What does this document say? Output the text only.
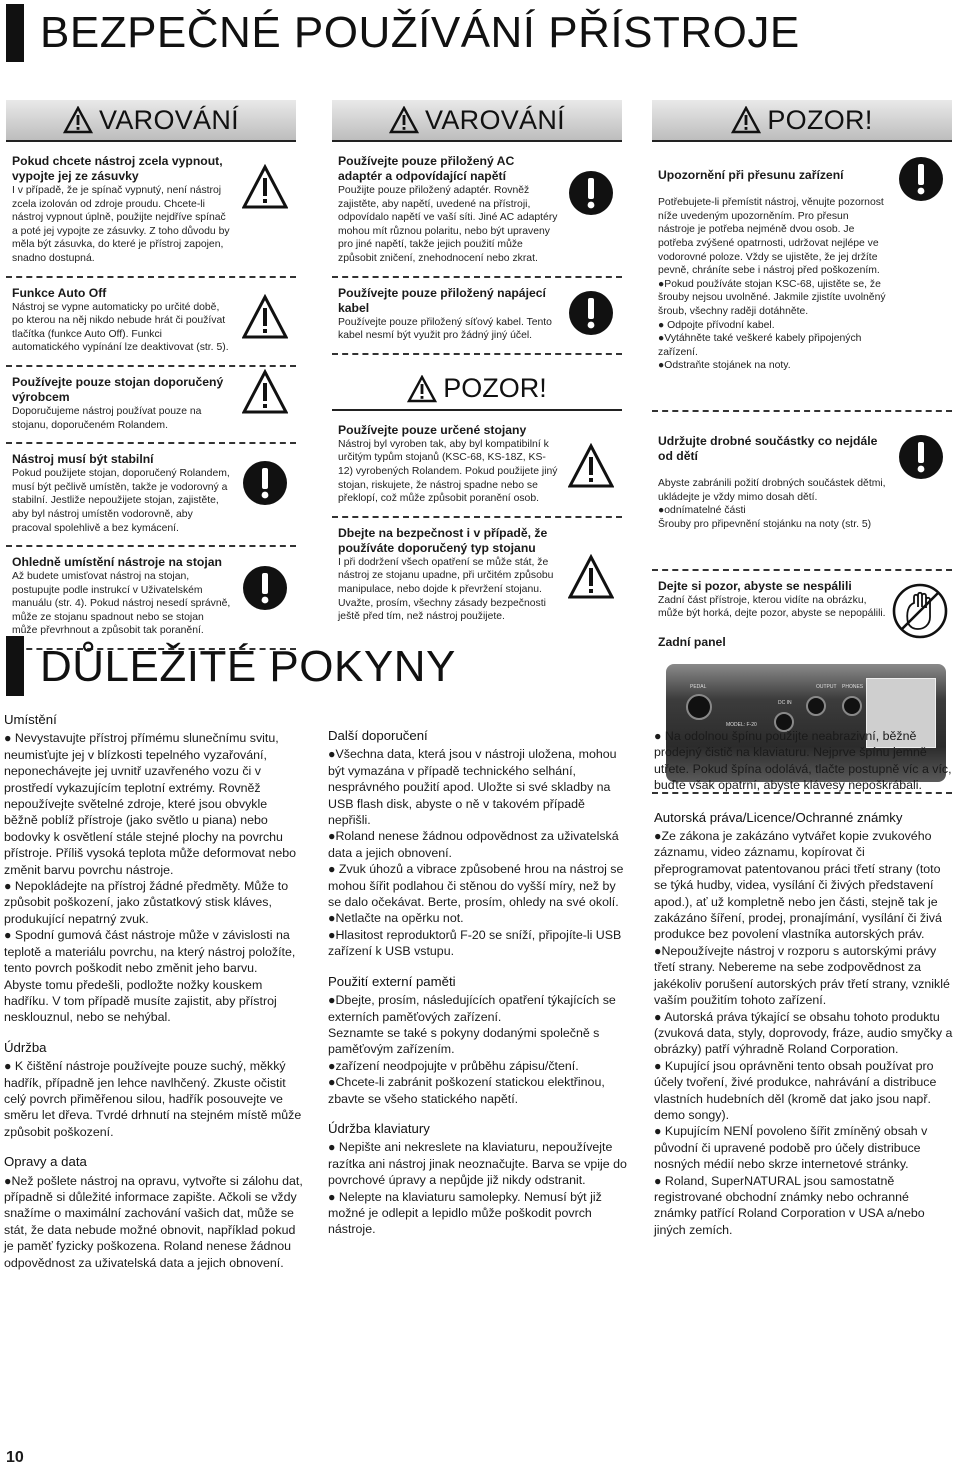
BEZPEČNÉ POUŽÍVÁNÍ PŘÍSTROJE
VAROVÁNÍ
Pokud chcete nástroj zcela vypnout, vypojte jej ze zásuvky
I v případě, že je spínač vypnutý, není nástroj zcela izolován od zdroje proudu. Chcete-li nástroj vypnout úplně, použijte nejdříve spínač a poté jej vypojte ze zásuvky. Z toho důvodu by měla být zásuvka, do které je přístroj zapojen, snadno dostupná.
Funkce Auto Off
Nástroj se vypne automaticky po určité době, po kterou na něj nikdo nebude hrát či používat tlačítka (funkce Auto Off). Funkci automatického vypínání lze deaktivovat (str. 5).
Používejte pouze stojan doporučený výrobcem
Doporučujeme nástroj používat pouze na stojanu, doporučeném Rolandem.
Nástroj musí být stabilní
Pokud použijete stojan, doporučený Rolandem, musí být pečlivě umístěn, takže je vodorovný a stabilní. Jestliže nepoužijete stojan, zajistěte, aby byl nástroj umístěn vodorovně, aby pracoval spolehlivě a bez kymácení.
Ohledně umístění nástroje na stojan
Až budete umisťovat nástroj na stojan, postupujte podle instrukcí v Uživatelském manuálu (str. 4). Pokud nástroj nesedí správně, může ze stojanu spadnout nebo se stojan může převrhnout a způsobit tak poranění.
VAROVÁNÍ
Používejte pouze přiložený AC adaptér a odpovídající napětí
Použijte pouze přiložený adaptér. Rovněž zajistěte, aby napětí, uvedené na přístroji, odpovídalo napětí ve vaší síti. Jiné AC adaptéry mohou mít různou polaritu, nebo být upraveny pro jiné napětí, takže jejich použití může způsobit zničení, znehodnocení nebo zkrat.
Používejte pouze přiložený napájecí kabel
Používejte pouze přiložený síťový kabel. Tento kabel nesmí být využit pro žádný jiný účel.
POZOR!
Používejte pouze určené stojany
Nástroj byl vyroben tak, aby byl kompatibilní k určitým typům stojanů (KSC-68, KS-18Z, KS-12) vyrobených Rolandem. Pokud použijete jiný stojan, riskujete, že nástroj spadne nebo se překlopí, což může způsobit poranění osob.
Dbejte na bezpečnost i v případě, že používáte doporučený typ stojanu
I při dodržení všech opatření se může stát, že nástroj ze stojanu upadne, při určitém způsobu manipulace, nebo dojde k převržení stojanu. Uvažte, prosím, všechny zásady bezpečnosti ještě před tím, než nástroj použijete.
POZOR!

Upozornění při přesunu zařízení

Potřebujete-li přemístit nástroj, věnujte pozornost níže uvedeným upozorněním. Pro přesun nástroje je potřeba nejméně dvou osob. Je potřeba zvýšené opatrnosti, udržovat nejlépe ve vodorovné poloze. Vždy se ujistěte, že jej držíte pevně, chráníte sebe i nástroj před poškozením.
●Pokud používáte stojan KSC-68, ujistěte se, že šrouby nejsou uvolněné. Jakmile zjistíte uvolněný šroub, všechny raději dotáhněte.
● Odpojte přívodní kabel.
●Vytáhněte také veškeré kabely připojených zařízení.
●Odstraňte stojánek na noty.

Udržujte drobné součástky co nejdále od dětí

Abyste zabránili požití drobných součástek dětmi, ukládejte je vždy mimo dosah dětí.
●odnímatelné části
Šrouby pro připevnění stojánku na noty (str. 5)

Dejte si pozor, abyste se nespálili
Zadní část přístroje, kterou vidíte na obrázku, může být horká, dejte pozor, abyste se nepopálili.
Zadní panel
PEDAL	OUTPUT
DC IN
PHONES
MODEL: F-20
DŮLEŽITÉ POKYNY
Umístění

● Nevystavujte přístroj přímému slunečnímu svitu, neumisťujte jej v blízkosti tepelného vyzařování, neponechávejte jej uvnitř uzavřeného vozu či v prostředí vykazujícím teplotní extrémy. Rovněž nepoužívejte světelné zdroje, které jsou obvykle běžně poblíž přístroje (jako světlo u piana) nebo bodovky k osvětlení stále stejné plochy na povrchu přístroje. Příliš vysoká teplota může deformovat nebo změnit barvu povrchu nástroje.
● Nepokládejte na přístroj žádné předměty. Může to způsobit poškození, jako zůstatkový stisk kláves, produkující nepatrný zvuk.
● Spodní gumová část nástroje může v závislosti na teplotě a materiálu povrchu, na který nástroj položíte, tento povrch poškodit nebo změnit jeho barvu.
Abyste tomu předešli, podložte nožky kouskem hadříku. V tom případě musíte zajistit, aby přístroj nesklouznul, nebo se nehýbal.

Údržba

● K čištění nástroje používejte pouze suchý, měkký hadřík, případně jen lehce navlhčený. Zkuste očistit celý povrch přiměřenou silou, hadřík posouvejte ve směru let dřeva. Tvrdé drhnutí na stejném místě může způsobit poškození.

Opravy a data

●Než pošlete nástroj na opravu, vytvořte si zálohu dat, případně si důležité informace zapište. Ačkoli se vždy snažíme o maximální zachování vašich dat, může se stát, že data nebude možné obnovit, například pokud je paměť fyzicky poškozena. Roland nenese žádnou odpovědnost za uživatelská data a jejich obnovení.

Další doporučení

●Všechna data, která jsou v nástroji uložena, mohou být vymazána v případě technického selhání, nesprávného použití apod. Uložte si své skladby na USB flash disk, abyste o ně v takovém případě nepřišli.
●Roland nenese žádnou odpovědnost za uživatelská data a jejich obnovení.
● Zvuk úhozů a vibrace způsobené hrou na nástroj se mohou šířit podlahou či stěnou do vyšší míry, než by se dalo očekávat. Berte, prosím, ohledy na své okolí.
●Netlačte na opěrku not.
●Hlasitost reproduktorů F-20 se sníží, připojíte-li USB zařízení k USB vstupu.

Použití externí paměti

●Dbejte, prosím, následujících opatření týkajících se externích paměťových zařízení.
Seznamte se také s pokyny dodanými společně s paměťovým zařízením.
●zařízení neodpojujte v průběhu zápisu/čtení.
●Chcete-li zabránit poškození statickou elektřinou, zbavte se všeho statického napětí.

Údržba klaviatury

● Nepište ani nekreslete na klaviaturu, nepoužívejte razítka ani nástroj jinak neoznačujte. Barva se vpije do povrchové úpravy a nepůjde již nikdy odstranit.
● Nelepte na klaviaturu samolepky. Nemusí být již možné je odlepit a lepidlo může poškodit povrch nástroje.

● Na odolnou špínu použijte neabrazivní, běžně prodejný čistič na klaviaturu. Nejprve špínu jemně utřete. Pokud špína odolává, tlačte postupně víc a víc, buďte však opatrní, abyste klávesy nepoškrábali.

Autorská práva/Licence/Ochranné známky

●Ze zákona je zakázáno vytvářet kopie zvukového záznamu, video záznamu, kopírovat či přeprogramovat patentovanou práci třetí strany (toto se týká hudby, videa, vysílání či živých představení apod.), ať už kompletně nebo jen části, stejně tak je zakázáno šíření, prodej, pronajímání, vysílání či živá produkce bez povolení vlastníka autorských práv.
●Nepoužívejte nástroj v rozporu s autorskými právy třetí strany. Nebereme na sebe zodpovědnost za jakékoliv porušení autorských práv třetí strany, vzniklé vaším použitím tohoto zařízení.
● Autorská práva týkající se obsahu tohoto produktu (zvuková data, styly, doprovody, fráze, audio smyčky a obrázky) patří výhradně Roland Corporation.
● Kupující jsou oprávněni tento obsah používat pro účely tvoření, živé produkce, nahrávání a distribuce vlastních hudebních děl (kromě dat jako jsou např. demo songy).
● Kupujícím NENÍ povoleno šířit zmíněný obsah v původní či upravené podobě pro účely distribuce nosných médií nebo skrze internetové stránky.
● Roland, SuperNATURAL jsou samostatně registrované obchodní známky nebo ochranné známky patřící Roland Corporation v USA a/nebo jiných zemích.

10
